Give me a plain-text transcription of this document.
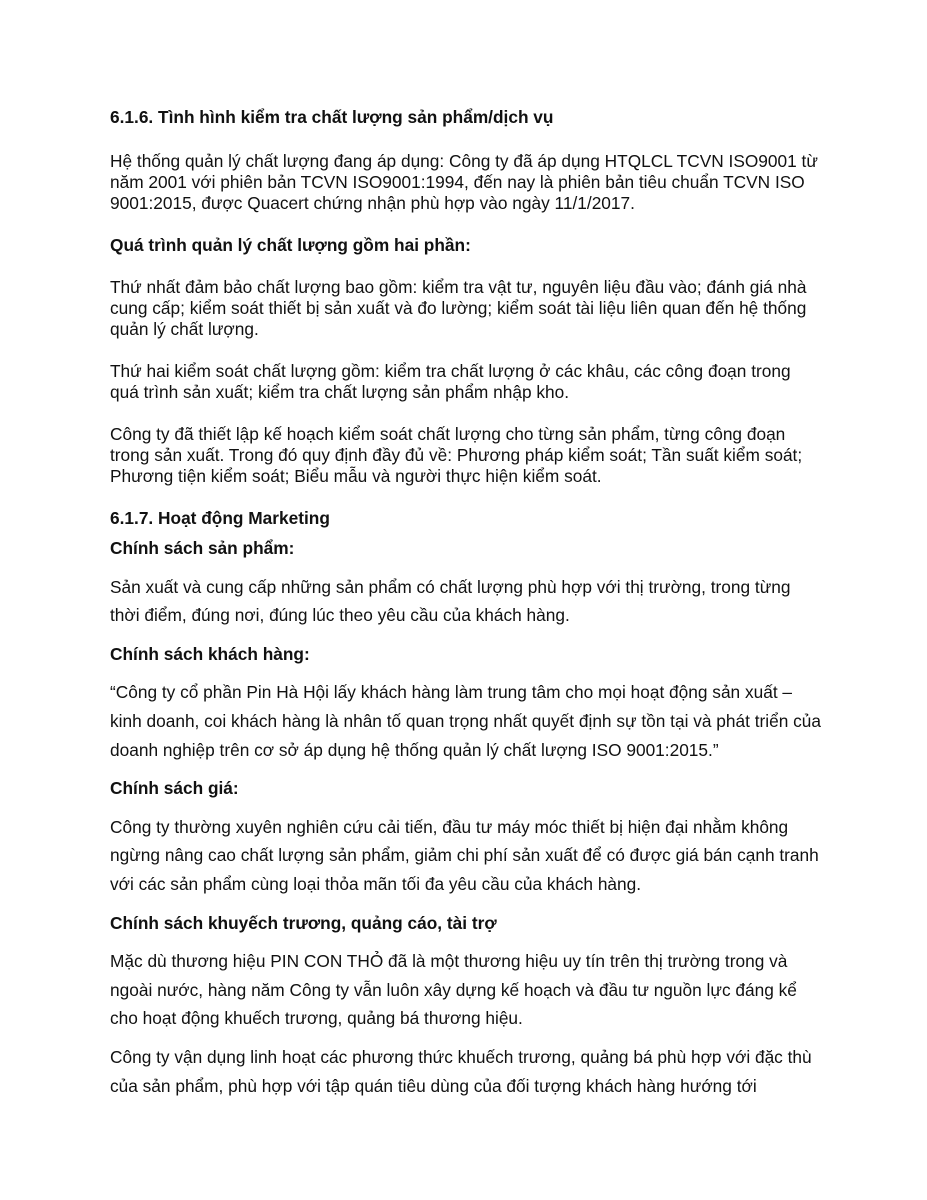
6.1.6. Tình hình kiểm tra chất lượng sản phẩm/dịch vụ

Hệ thống quản lý chất lượng đang áp dụng: Công ty đã áp dụng HTQLCL TCVN ISO9001 từ năm 2001 với phiên bản TCVN ISO9001:1994, đến nay là phiên bản tiêu chuẩn TCVN ISO 9001:2015, được Quacert chứng nhận phù hợp vào ngày 11/1/2017.

Quá trình quản lý chất lượng gồm hai phần:

Thứ nhất đảm bảo chất lượng bao gồm: kiểm tra vật tư, nguyên liệu đầu vào; đánh giá nhà cung cấp; kiểm soát thiết bị sản xuất và đo lường; kiểm soát tài liệu liên quan đến hệ thống quản lý chất lượng.

Thứ hai kiểm soát chất lượng gồm: kiểm tra chất lượng ở các khâu, các công đoạn trong quá trình sản xuất; kiểm tra chất lượng sản phẩm nhập kho.

Công ty đã thiết lập kế hoạch kiểm soát chất lượng cho từng sản phẩm, từng công đoạn trong sản xuất. Trong đó quy định đầy đủ về: Phương pháp kiểm soát; Tần suất kiểm soát; Phương tiện kiểm soát; Biểu mẫu và người thực hiện kiểm soát.

6.1.7. Hoạt động Marketing
Chính sách sản phẩm:

Sản xuất và cung cấp những sản phẩm có chất lượng phù hợp với thị trường, trong từng thời điểm, đúng nơi, đúng lúc theo yêu cầu của khách hàng.

Chính sách khách hàng:

“Công ty cổ phần Pin Hà Hội lấy khách hàng làm trung tâm cho mọi hoạt động sản xuất – kinh doanh, coi khách hàng là nhân tố quan trọng nhất quyết định sự tồn tại và phát triển của doanh nghiệp trên cơ sở áp dụng hệ thống quản lý chất lượng ISO 9001:2015.”

Chính sách giá:

Công ty thường xuyên nghiên cứu cải tiến, đầu tư máy móc thiết bị hiện đại nhằm không ngừng nâng cao chất lượng sản phẩm, giảm chi phí sản xuất để có được giá bán cạnh tranh với các sản phẩm cùng loại thỏa mãn tối đa yêu cầu của khách hàng.

Chính sách khuyếch trương, quảng cáo, tài trợ

Mặc dù thương hiệu PIN CON THỎ đã là một thương hiệu uy tín trên thị trường trong và ngoài nước, hàng năm Công ty vẫn luôn xây dựng kế hoạch và đầu tư nguồn lực đáng kể cho hoạt động khuếch trương, quảng bá thương hiệu.

Công ty vận dụng linh hoạt các phương thức khuếch trương, quảng bá phù hợp với đặc thù của sản phẩm, phù hợp với tập quán tiêu dùng của đối tượng khách hàng hướng tới
